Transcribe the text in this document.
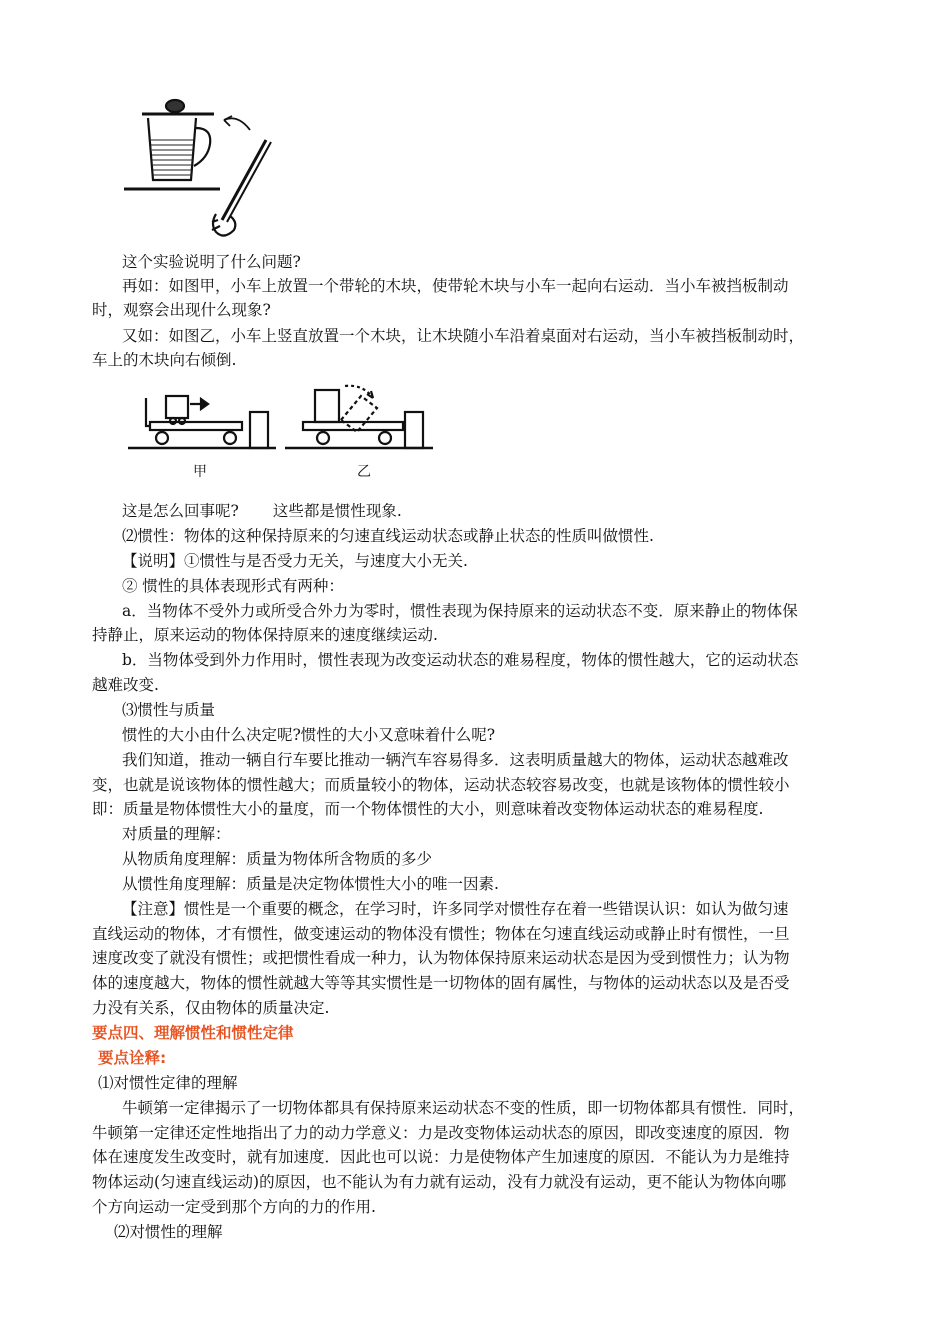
这个实验说明了什么问题?
再如：如图甲，小车上放置一个带轮的木块，使带轮木块与小车一起向右运动．当小车被挡板制动
时，观察会出现什么现象?
又如：如图乙，小车上竖直放置一个木块，让木块随小车沿着桌面对右运动，当小车被挡板制动时，
车上的木块向右倾倒.
甲	乙
这是怎么回事呢? 这些都是惯性现象.
⑵惯性：物体的这种保持原来的匀速直线运动状态或静止状态的性质叫做惯性.
【说明】①惯性与是否受力无关，与速度大小无关.
② 惯性的具体表现形式有两种：
a．当物体不受外力或所受合外力为零时，惯性表现为保持原来的运动状态不变．原来静止的物体保
持静止，原来运动的物体保持原来的速度继续运动.
b．当物体受到外力作用时，惯性表现为改变运动状态的难易程度，物体的惯性越大，它的运动状态
越难改变.
⑶惯性与质量
惯性的大小由什么决定呢?惯性的大小又意味着什么呢?
我们知道，推动一辆自行车要比推动一辆汽车容易得多．这表明质量越大的物体，运动状态越难改
变，也就是说该物体的惯性越大；而质量较小的物体，运动状态较容易改变，也就是该物体的惯性较小
即：质量是物体惯性大小的量度，而一个物体惯性的大小，则意味着改变物体运动状态的难易程度.
对质量的理解：
从物质角度理解：质量为物体所含物质的多少
从惯性角度理解：质量是决定物体惯性大小的唯一因素.
【注意】惯性是一个重要的概念，在学习时，许多同学对惯性存在着一些错误认识：如认为做匀速
直线运动的物体，才有惯性，做变速运动的物体没有惯性；物体在匀速直线运动或静止时有惯性，一旦
速度改变了就没有惯性；或把惯性看成一种力，认为物体保持原来运动状态是因为受到惯性力；认为物
体的速度越大，物体的惯性就越大等等其实惯性是一切物体的固有属性，与物体的运动状态以及是否受
力没有关系，仅由物体的质量决定.
要点四、理解惯性和惯性定律
要点诠释:
⑴对惯性定律的理解
牛顿第一定律揭示了一切物体都具有保持原来运动状态不变的性质，即一切物体都具有惯性．同时，
牛顿第一定律还定性地指出了力的动力学意义：力是改变物体运动状态的原因，即改变速度的原因．物
体在速度发生改变时，就有加速度．因此也可以说：力是使物体产生加速度的原因．不能认为力是维持
物体运动(匀速直线运动)的原因，也不能认为有力就有运动，没有力就没有运动，更不能认为物体向哪
个方向运动一定受到那个方向的力的作用.
⑵对惯性的理解
